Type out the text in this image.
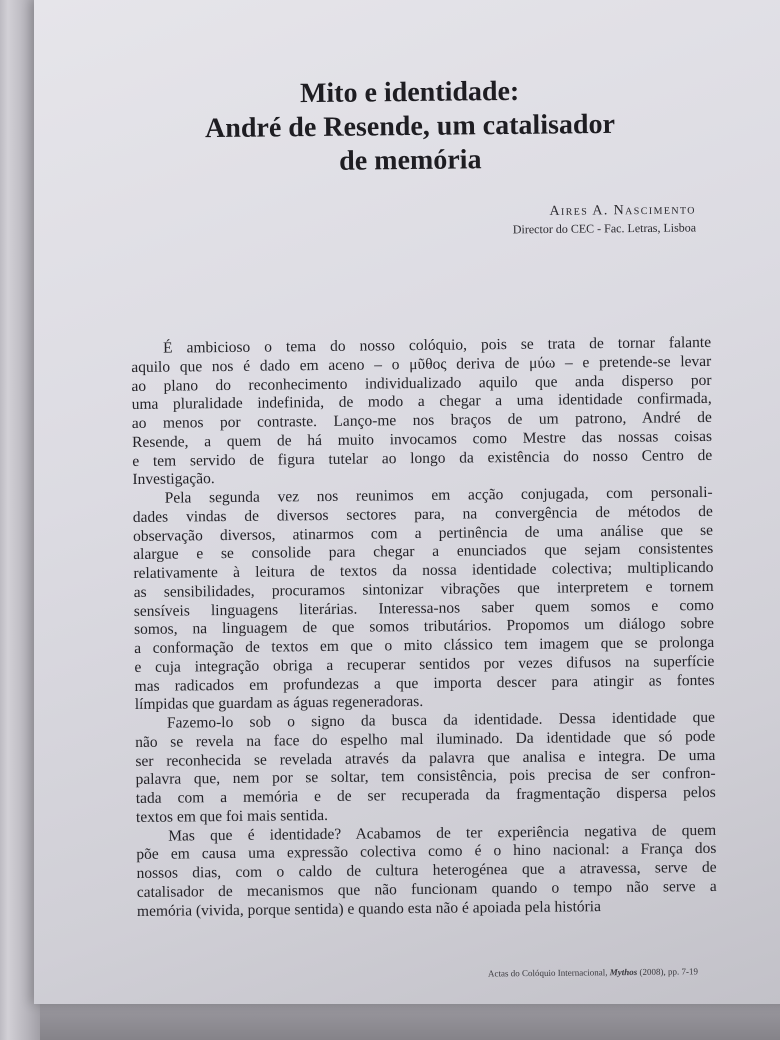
Mito e identidade:
André de Resende, um catalisador
de memória
Aires A. Nascimento
Director do CEC - Fac. Letras, Lisboa
É ambicioso o tema do nosso colóquio, pois se trata de tornar falante
aquilo que nos é dado em aceno – o μῦθος deriva de μύω – e pretende-se levar
ao plano do reconhecimento individualizado aquilo que anda disperso por
uma pluralidade indefinida, de modo a chegar a uma identidade confirmada,
ao menos por contraste. Lanço-me nos braços de um patrono, André de
Resende, a quem de há muito invocamos como Mestre das nossas coisas
e tem servido de figura tutelar ao longo da existência do nosso Centro de
Investigação.
Pela segunda vez nos reunimos em acção conjugada, com personali-
dades vindas de diversos sectores para, na convergência de métodos de
observação diversos, atinarmos com a pertinência de uma análise que se
alargue e se consolide para chegar a enunciados que sejam consistentes
relativamente à leitura de textos da nossa identidade colectiva; multiplicando
as sensibilidades, procuramos sintonizar vibrações que interpretem e tornem
sensíveis linguagens literárias. Interessa-nos saber quem somos e como
somos, na linguagem de que somos tributários. Propomos um diálogo sobre
a conformação de textos em que o mito clássico tem imagem que se prolonga
e cuja integração obriga a recuperar sentidos por vezes difusos na superfície
mas radicados em profundezas a que importa descer para atingir as fontes
límpidas que guardam as águas regeneradoras.
Fazemo-lo sob o signo da busca da identidade. Dessa identidade que
não se revela na face do espelho mal iluminado. Da identidade que só pode
ser reconhecida se revelada através da palavra que analisa e integra. De uma
palavra que, nem por se soltar, tem consistência, pois precisa de ser confron-
tada com a memória e de ser recuperada da fragmentação dispersa pelos
textos em que foi mais sentida.
Mas que é identidade? Acabamos de ter experiência negativa de quem
põe em causa uma expressão colectiva como é o hino nacional: a França dos
nossos dias, com o caldo de cultura heterogénea que a atravessa, serve de
catalisador de mecanismos que não funcionam quando o tempo não serve a
memória (vivida, porque sentida) e quando esta não é apoiada pela história
Actas do Colóquio Internacional, Mythos (2008), pp. 7-19
